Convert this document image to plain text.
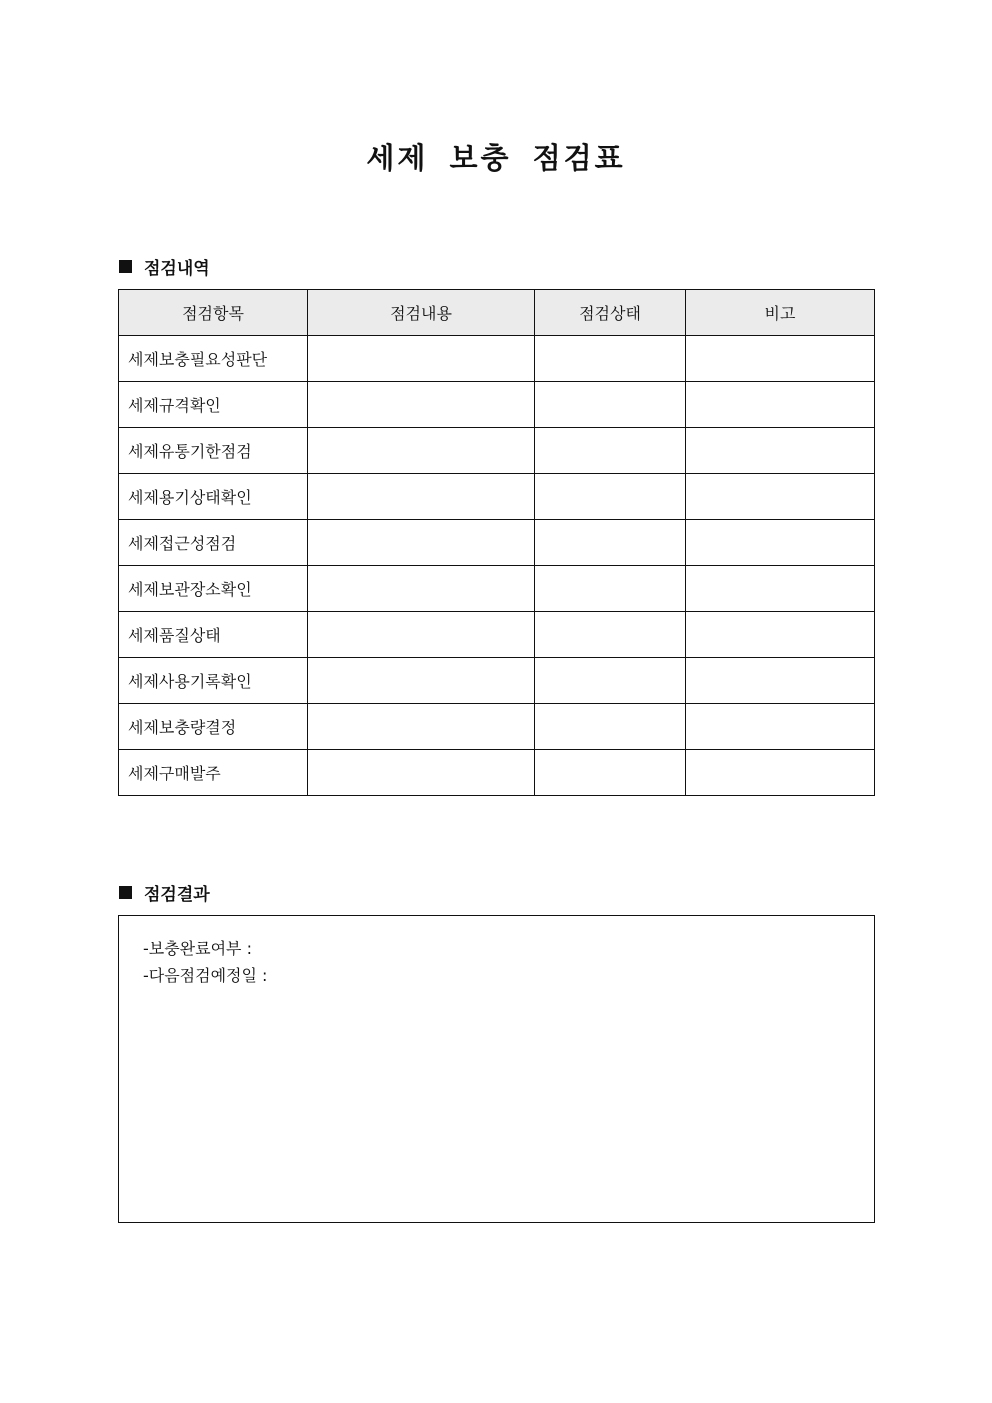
세제 보충 점검표
점검내역
점검항목	점검내용	점검상태	비고
세제보충필요성판단			
세제규격확인			
세제유통기한점검			
세제용기상태확인			
세제접근성점검			
세제보관장소확인			
세제품질상태			
세제사용기록확인			
세제보충량결정			
세제구매발주			
점검결과
-보충완료여부 :
-다음점검예정일 :
